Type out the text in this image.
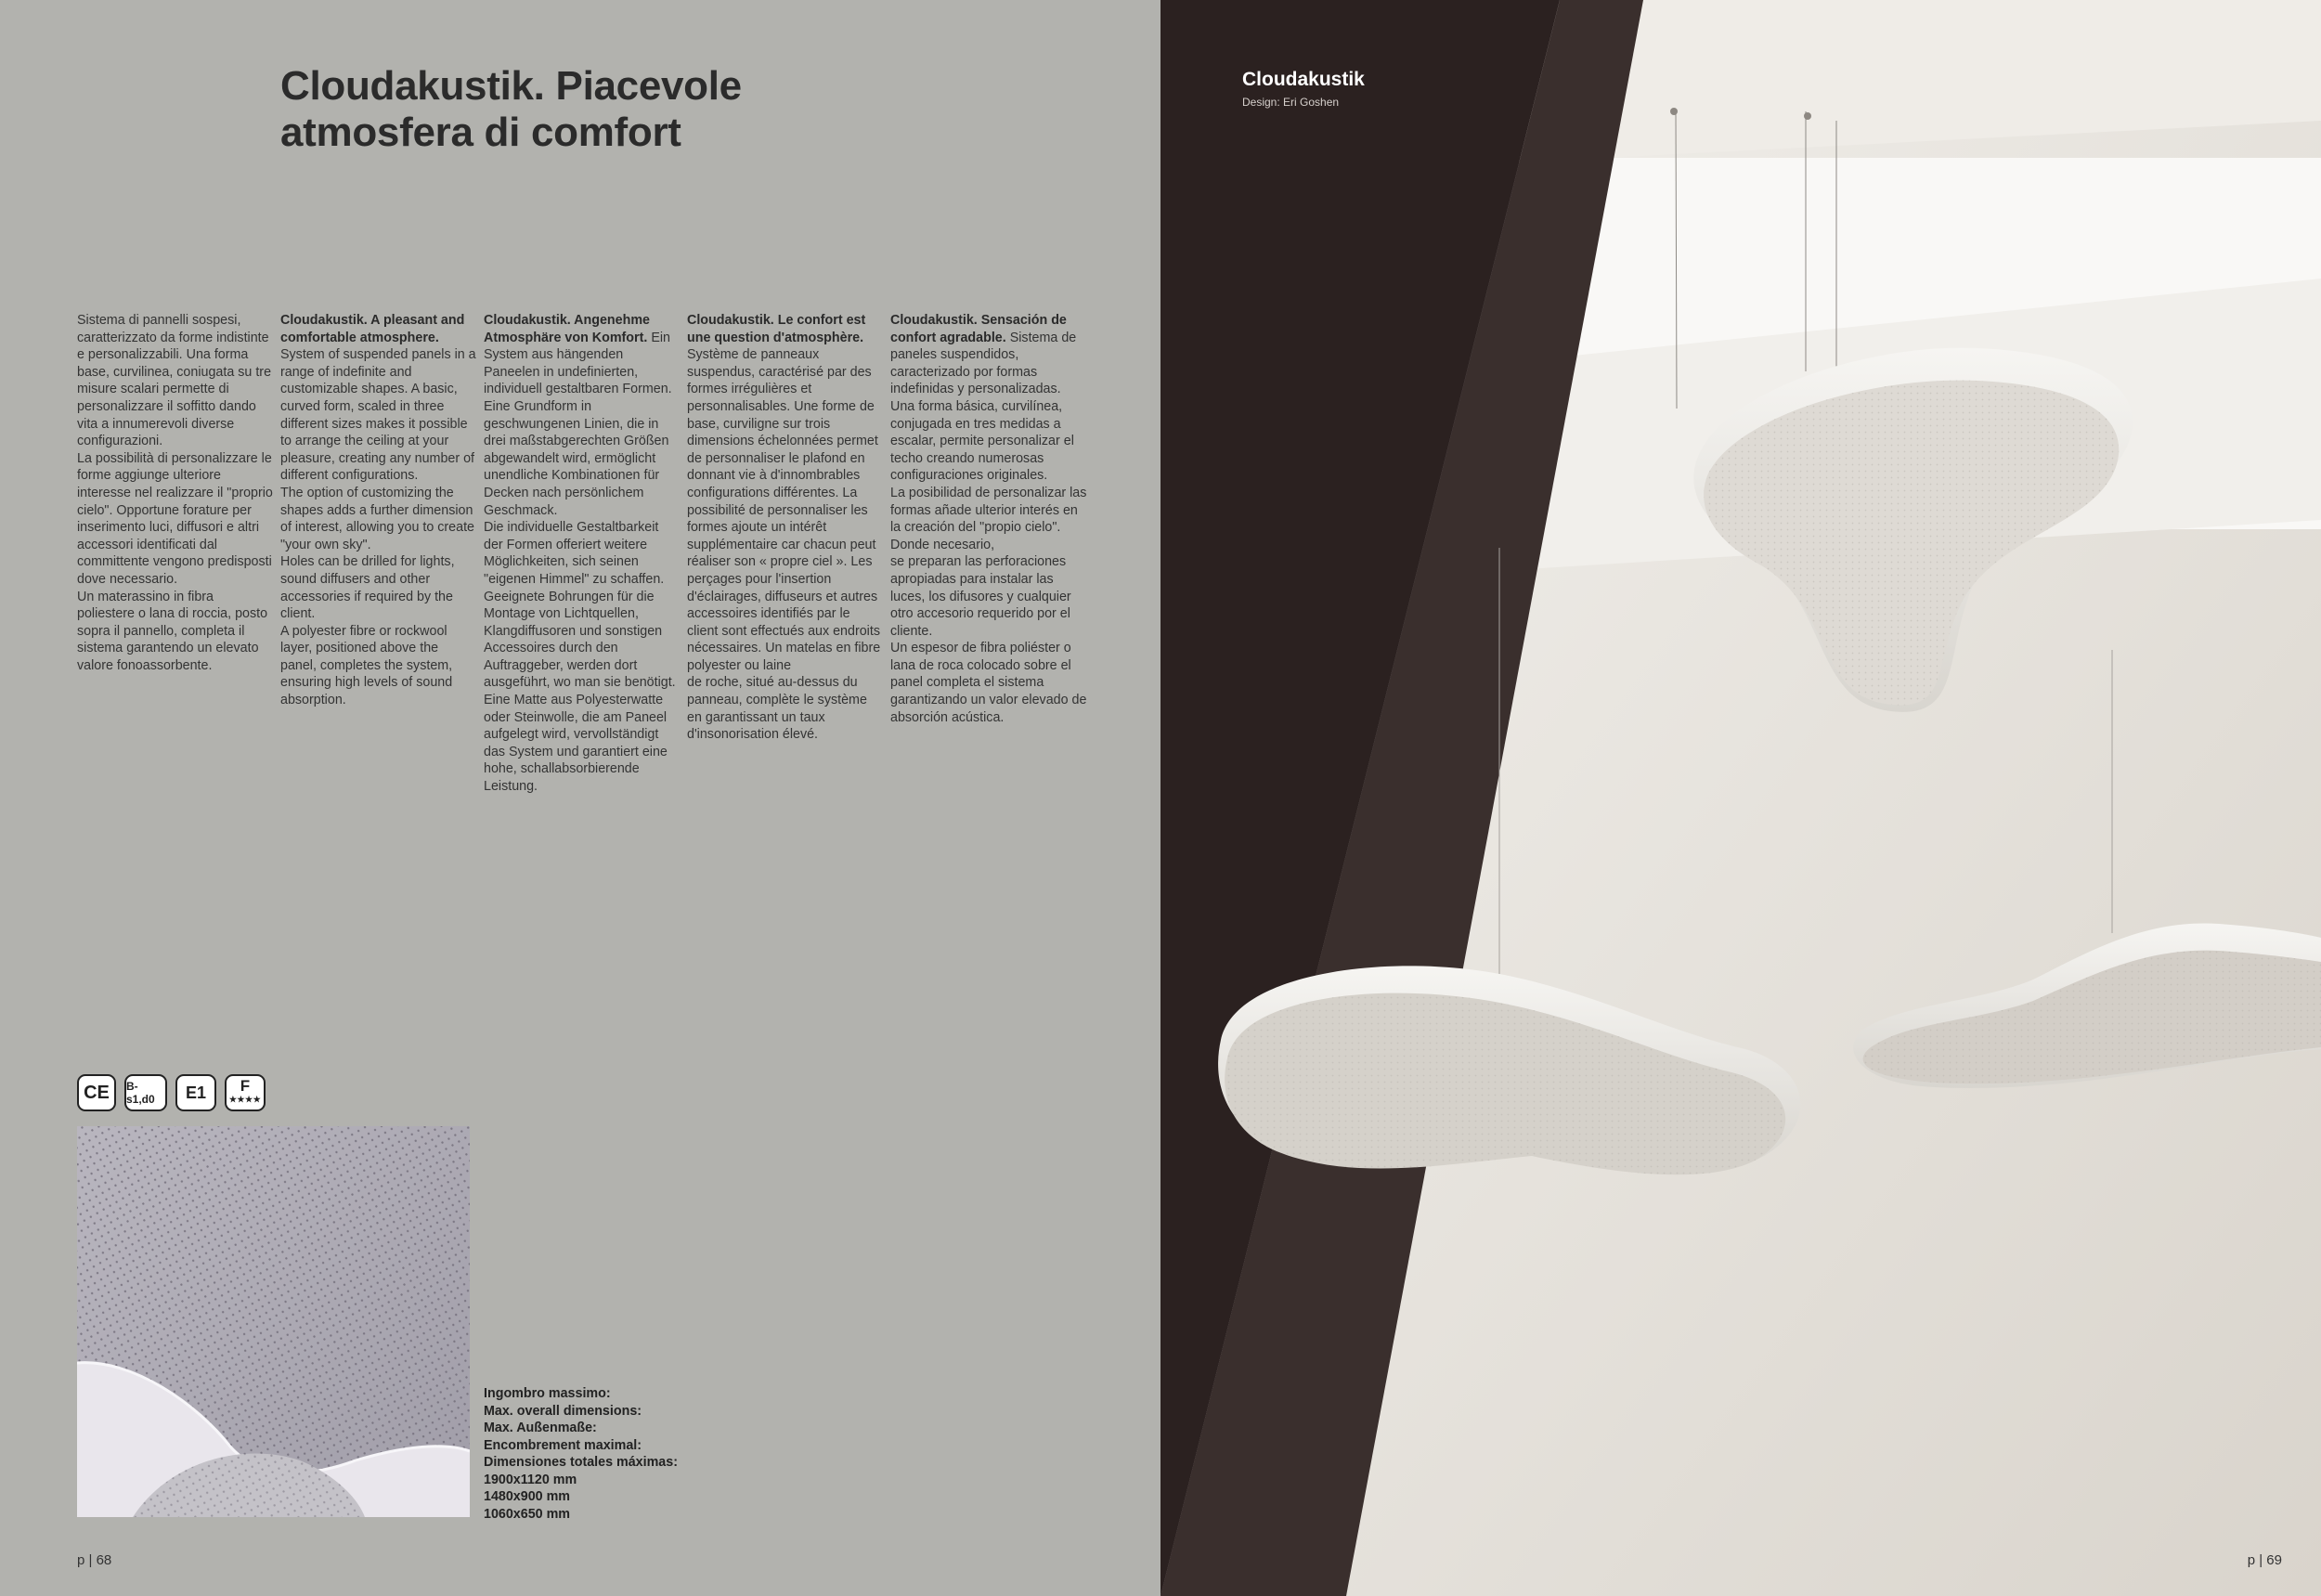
Cloudakustik. Piacevole
atmosfera di comfort

Sistema di pannelli sospesi, caratterizzato da forme indistinte e personalizzabili. Una forma base, curvilinea, coniugata su tre misure scalari permette di personalizzare il soffitto dando vita a innumerevoli diverse configurazioni.
La possibilità di personalizzare le forme aggiunge ulteriore interesse nel realizzare il "proprio cielo". Opportune forature per inserimento luci, diffusori e altri accessori identificati dal committente vengono predisposti dove necessario.
Un materassino in fibra poliestere o lana di roccia, posto sopra il pannello, completa il sistema garantendo un elevato valore fonoassorbente.

Cloudakustik. A pleasant and comfortable atmosphere. System of suspended panels in a range of indefinite and customizable shapes. A basic, curved form, scaled in three different sizes makes it possible to arrange the ceiling at your pleasure, creating any number of different configurations.
The option of customizing the shapes adds a further dimension of interest, allowing you to create "your own sky".
Holes can be drilled for lights, sound diffusers and other accessories if required by the client.
A polyester fibre or rockwool layer, positioned above the panel, completes the system, ensuring high levels of sound absorption.

Cloudakustik. Angenehme Atmosphäre von Komfort. Ein System aus hängenden Paneelen in undefinierten, individuell gestaltbaren Formen. Eine Grundform in geschwungenen Linien, die in drei maßstabgerechten Größen abgewandelt wird, ermöglicht unendliche Kombinationen für Decken nach persönlichem Geschmack.
Die individuelle Gestaltbarkeit der Formen offeriert weitere Möglichkeiten, sich seinen "eigenen Himmel" zu schaffen. Geeignete Bohrungen für die Montage von Lichtquellen, Klangdiffusoren und sonstigen Accessoires durch den Auftraggeber, werden dort ausgeführt, wo man sie benötigt. Eine Matte aus Polyesterwatte oder Steinwolle, die am Paneel aufgelegt wird, vervollständigt das System und garantiert eine hohe, schallabsorbierende Leistung.

Cloudakustik. Le confort est une question d'atmosphère. Système de panneaux suspendus, caractérisé par des formes irrégulières et personnalisables. Une forme de base, curviligne sur trois dimensions échelonnées permet de personnaliser le plafond en donnant vie à d'innombrables configurations différentes. La possibilité de personnaliser les formes ajoute un intérêt supplémentaire car chacun peut réaliser son « propre ciel ». Les perçages pour l'insertion d'éclairages, diffuseurs et autres accessoires identifiés par le client sont effectués aux endroits nécessaires. Un matelas en fibre polyester ou laine
de roche, situé au-dessus du panneau, complète le système en garantissant un taux d'insonorisation élevé.

Cloudakustik. Sensación de confort agradable. Sistema de paneles suspendidos, caracterizado por formas indefinidas y personalizadas. Una forma básica, curvilínea, conjugada en tres medidas a escalar, permite personalizar el techo creando numerosas configuraciones originales.
La posibilidad de personalizar las formas añade ulterior interés en la creación del "propio cielo". Donde necesario,
se preparan las perforaciones apropiadas para instalar las luces, los difusores y cualquier otro accesorio requerido por el cliente.
Un espesor de fibra poliéster o lana de roca colocado sobre el panel completa el sistema garantizando un valor elevado de absorción acústica.

CE	B-s1,d0	E1	F
★★★★
Ingombro massimo:
Max. overall dimensions:
Max. Außenmaße:
Encombrement maximal:
Dimensiones totales máximas:
1900x1120 mm
1480x900 mm
1060x650 mm
p | 68
Cloudakustik
Design: Eri Goshen
p | 69
